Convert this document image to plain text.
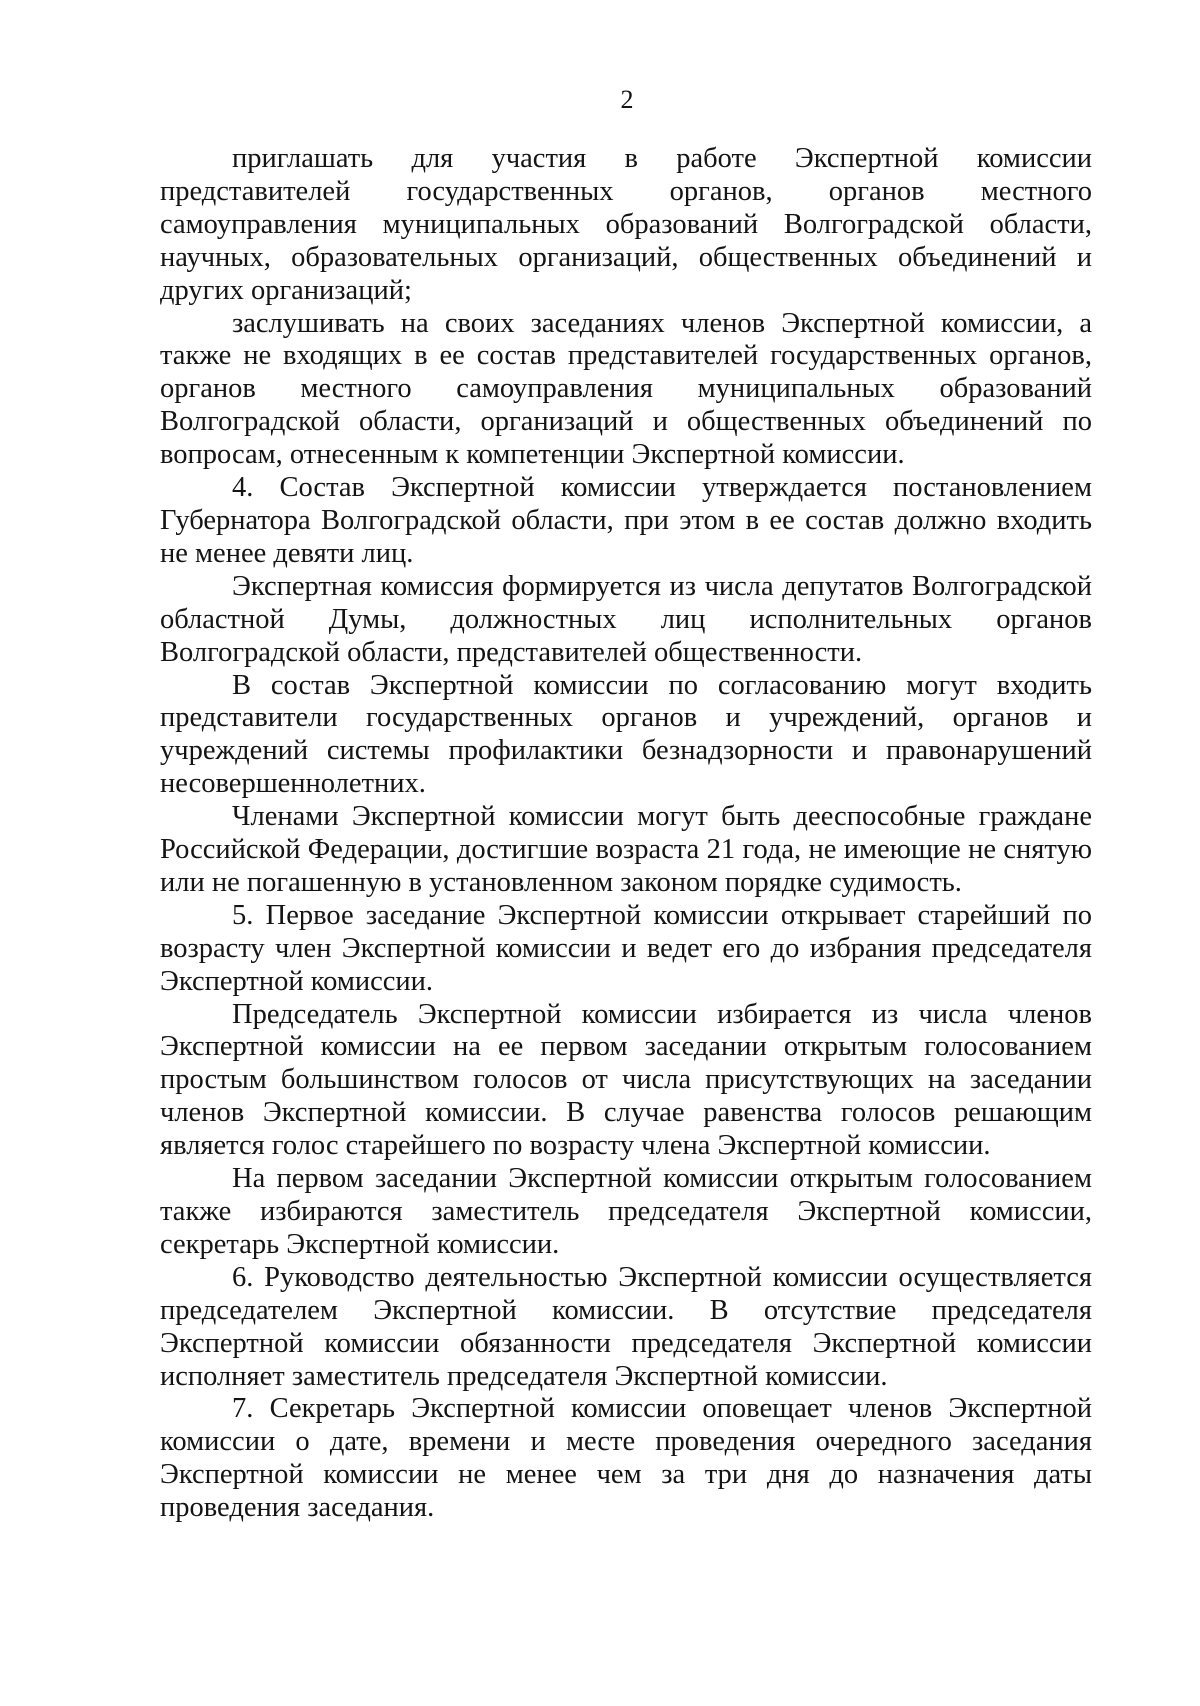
2

приглашать для участия в работе Экспертной комиссии представителей государственных органов, органов местного самоуправления муниципальных образований Волгоградской области, научных, образовательных организаций, общественных объединений и других организаций;

заслушивать на своих заседаниях членов Экспертной комиссии, а также не входящих в ее состав представителей государственных органов, органов местного самоуправления муниципальных образований Волгоградской области, организаций и общественных объединений по вопросам, отнесенным к компетенции Экспертной комиссии.

4. Состав Экспертной комиссии утверждается постановлением Губернатора Волгоградской области, при этом в ее состав должно входить не менее девяти лиц.

Экспертная комиссия формируется из числа депутатов Волгоградской областной Думы, должностных лиц исполнительных органов Волгоградской области, представителей общественности.

В состав Экспертной комиссии по согласованию могут входить представители государственных органов и учреждений, органов и учреждений системы профилактики безнадзорности и правонарушений несовершеннолетних.

Членами Экспертной комиссии могут быть дееспособные граждане Российской Федерации, достигшие возраста 21 года, не имеющие не снятую или не погашенную в установленном законом порядке судимость.

5. Первое заседание Экспертной комиссии открывает старейший по возрасту член Экспертной комиссии и ведет его до избрания председателя Экспертной комиссии.

Председатель Экспертной комиссии избирается из числа членов Экспертной комиссии на ее первом заседании открытым голосованием простым большинством голосов от числа присутствующих на заседании членов Экспертной комиссии. В случае равенства голосов решающим является голос старейшего по возрасту члена Экспертной комиссии.

На первом заседании Экспертной комиссии открытым голосованием также избираются заместитель председателя Экспертной комиссии, секретарь Экспертной комиссии.

6. Руководство деятельностью Экспертной комиссии осуществляется председателем Экспертной комиссии. В отсутствие председателя Экспертной комиссии обязанности председателя Экспертной комиссии исполняет заместитель председателя Экспертной комиссии.

7. Секретарь Экспертной комиссии оповещает членов Экспертной комиссии о дате, времени и месте проведения очередного заседания Экспертной комиссии не менее чем за три дня до назначения даты проведения заседания.
